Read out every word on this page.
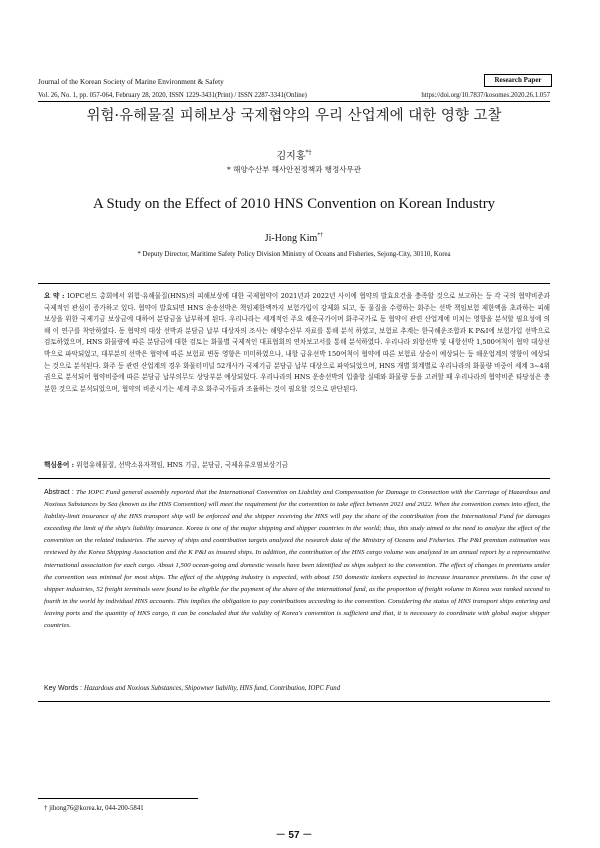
Journal of the Korean Society of Marine Environment & Safety	Research Paper
Vol. 26, No. 1, pp. 057-064, February 28, 2020, ISSN 1229-3431(Print) / ISSN 2287-3341(Online)	https://doi.org/10.7837/kosomes.2020.26.1.057
위험·유해물질 피해보상 국제협약의 우리 산업계에 대한 영향 고찰
김지홍*†
* 해양수산부 해사안전정책과 행정사무관
A Study on the Effect of 2010 HNS Convention on Korean Industry
Ji-Hong Kim*†
* Deputy Director, Maritime Safety Policy Division Ministry of Oceans and Fisheries, Sejong-City, 30110, Korea
요 약 : IOPC펀드 총회에서 위험·유해물질(HNS)의 피해보상에 대한 국제협약이 2021년과 2022년 사이에 협약의 발효요건을 충족할 것으로 보고하는 등 각 국의 협약비준과 국제적인 관심이 증가하고 있다. 협약이 발효되면 HNS 운송선박은 책임제한액까지 보험가입이 강제화 되고, 동 물질을 수령하는 화주는 선박 책임보험 제한액을 초과하는 피해 보상을 위한 국제기금 보상금에 대하여 분담금을 납부하게 된다. 우리나라는 세계적인 주요 해운국가이며 화주국가로 동 협약이 관련 산업계에 미치는 영향을 분석할 필요성에 의해 이 연구를 착안하였다. 동 협약의 대상 선박과 분담금 납부 대상자의 조사는 해양수산부 자료를 통해 분석 하였고, 보험료 추계는 한국해운조합과 K P&I에 보험가입 선박으로 검토하였으며, HNS 화물량에 따른 분담금에 대한 검토는 화물별 국제적인 대표협회의 연차보고서를 통해 분석하였다. 우리나라 외항선박 및 내항선박 1,500여척이 협약 대상선박으로 파악되었고, 대부분의 선박은 협약에 따른 보험료 변동 영향은 미미하였으나, 내항 급유선박 150여척이 협약에 따른 보험료 상승이 예상되는 등 해운업계의 영향이 예상되는 것으로 분석된다. 화주 등 관련 산업계의 경우 화물터미널 52개사가 국제기금 분담금 납부 대상으로 파악되었으며, HNS 개별 회계별로 우리나라의 화물량 비중이 세계 3~4위권으로 분석되어 협약비중에 따른 분담금 납부의무도 상당부분 예상되었다. 우리나라의 HNS 운송선박의 입출항 실태와 화물량 등을 고려할 때 우리나라의 협약비준 타당성은 충분한 것으로 분석되었으며, 협약의 비준시기는 세계 주요 화주국가들과 조율하는 것이 필요할 것으로 판단된다.
핵심용어 : 위험유해물질, 선박소유자책임, HNS 기금, 분담금, 국제유류오염보상기금
Abstract : The IOPC Fund general assembly reported that the International Convention on Liability and Compensation for Damage in Connection with the Carriage of Hazardous and Noxious Substances by Sea (known as the HNS Convention) will meet the requirement for the convention to take effect between 2021 and 2022. When the convention comes into effect, the liability-limit insurance of the HNS transport ship will be enforced and the shipper receiving the HNS will pay the share of the contribution from the International Fund for damages exceeding the limit of the ship's liability insurance. Korea is one of the major shipping and shipper countries in the world; thus, this study aimed to the need to analyze the effect of the convention on the related industries. The survey of ships and contribution targets analyzed the research data of the Ministry of Oceans and Fisheries. The P&I premium estimation was reviewed by the Korea Shipping Association and the K P&I as insured ships. In addition, the contribution of the HNS cargo volume was analyzed in an annual report by a representative international association for each cargo. About 1,500 ocean-going and domestic vessels have been identified as ships subject to the convention. The effect of changes in premiums under the convention was minimal for most ships. The effect of the shipping industry is expected, with about 150 domestic tankers expected to increase insurance premiums. In the case of shipper industries, 52 freight terminals were found to be eligible for the payment of the share of the international fund, as the proportion of freight volume in Korea was ranked second to fourth in the world by individual HNS accounts. This implies the obligation to pay contributions according to the convention. Considering the status of HNS transport ships entering and leaving ports and the quantity of HNS cargo, it can be concluded that the validity of Korea's convention is sufficient and that, it is necessary to coordinate with global major shipper countries.
Key Words : Hazardous and Noxious Substances, Shipowner liability, HNS fund, Contribution, IOPC Fund
† jihong76@korea.kr, 044-200-5841
－ 57 －
